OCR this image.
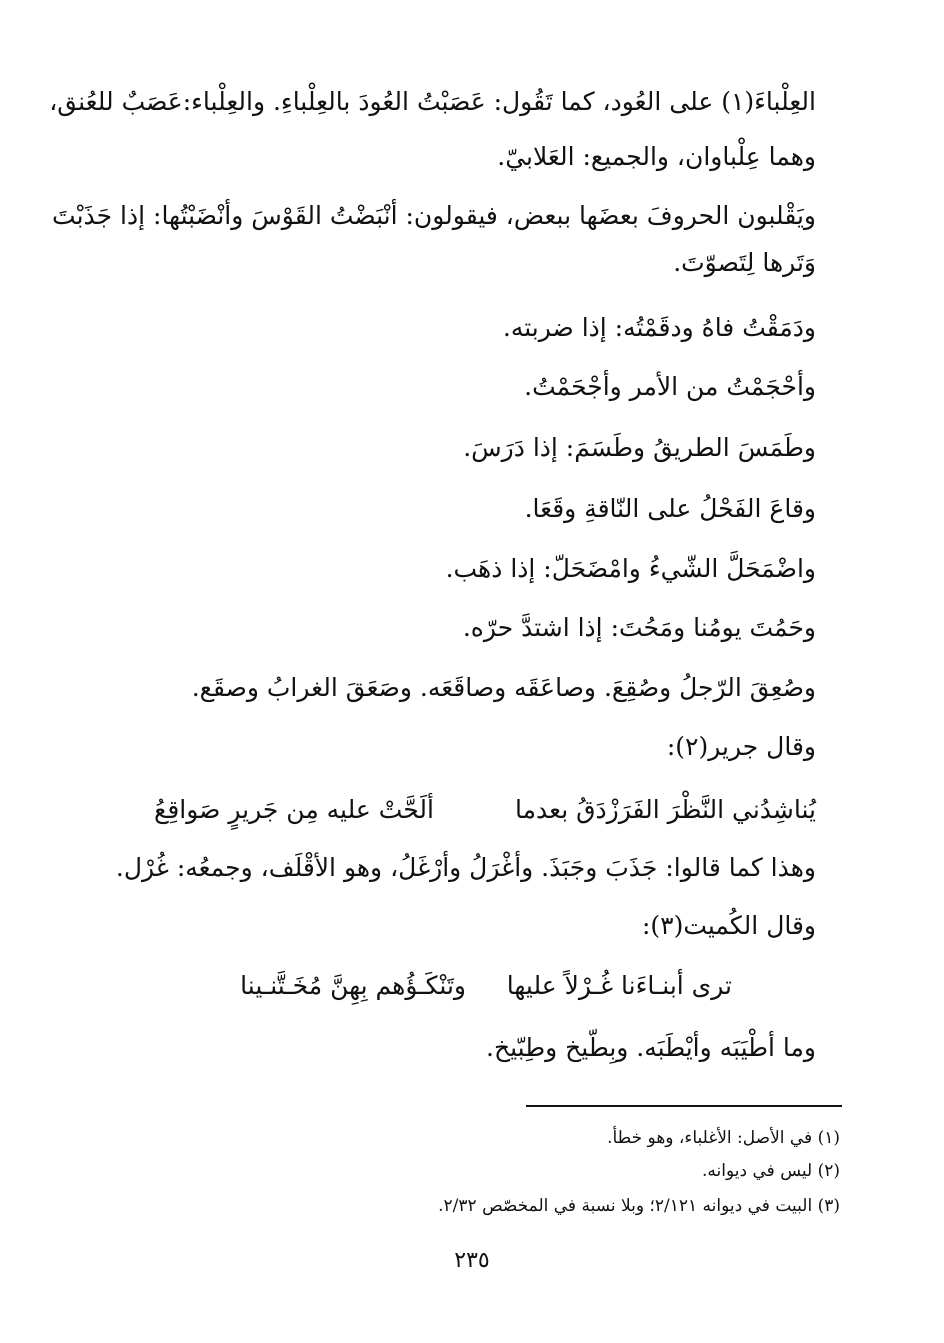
العِلْباءَ(١) على العُود، كما تَقُول: عَصَبْتُ العُودَ بالعِلْباءِ. والعِلْباء:عَصَبٌ للعُنق،
وهما عِلْباوان، والجميع: العَلابيّ.
ويَقْلبون الحروفَ بعضَها ببعض، فيقولون: أنْبَضْتُ القَوْسَ وأنْضَبْتُها: إذا جَذَبْتَ
وَتَرها لِتَصوّتَ.
ودَمَقْتُ فاهُ ودقَمْتُه: إذا ضربته.
وأحْجَمْتُ من الأمر وأجْحَمْتُ.
وطَمَسَ الطريقُ وطَسَمَ: إذا دَرَسَ.
وقاعَ الفَحْلُ على النّاقةِ وقَعَا.
واضْمَحَلَّ الشّيءُ وامْضَحَلّ: إذا ذهَب.
وحَمُتَ يومُنا ومَحُتَ: إذا اشتدَّ حرّه.
وصُعِقَ الرّجلُ وصُقِعَ. وصاعَقَه وصاقَعَه. وصَعَقَ الغرابُ وصقَع.
وقال جرير(٢):
يُناشِدُني النَّظْرَ الفَرَزْدَقُ بعدما
ألَحَّتْ عليه مِن جَريرٍ صَواقِعُ
وهذا كما قالوا: جَذَبَ وجَبَذَ. وأغْرَلُ وأرْغَلُ، وهو الأقْلَف، وجمعُه: غُرْل.
وقال الكُميت(٣):
ترى أبنـاءَنا غُـرْلاً عليها
وتَنْكَـؤُهم بِهِنَّ مُخَـتَّنـينا
وما أطْيَبَه وأيْطَبَه. وبِطّيخ وطِبّيخ.
(١) في الأصل: الأغلباء، وهو خطأ.
(٢) ليس في ديوانه.
(٣) البيت في ديوانه ٢/١٢١؛ وبلا نسبة في المخصّص ٢/٣٢.
٢٣٥
